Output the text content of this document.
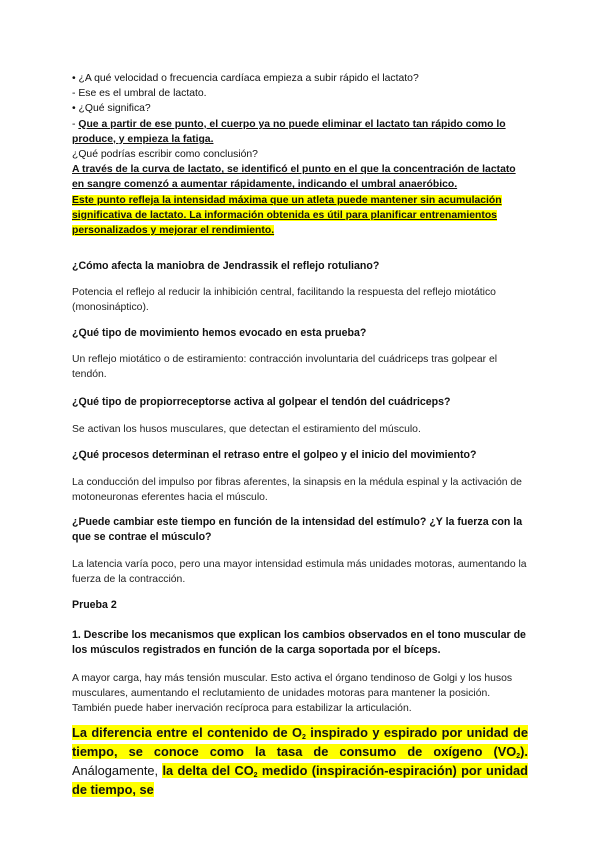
• ¿A qué velocidad o frecuencia cardíaca empieza a subir rápido el lactato?

- Ese es el umbral de lactato.

• ¿Qué significa?

- Que a partir de ese punto, el cuerpo ya no puede eliminar el lactato tan rápido como lo produce, y empieza la fatiga.

¿Qué podrías escribir como conclusión?

A través de la curva de lactato, se identificó el punto en el que la concentración de lactato en sangre comenzó a aumentar rápidamente, indicando el umbral anaeróbico.

Este punto refleja la intensidad máxima que un atleta puede mantener sin acumulación significativa de lactato. La información obtenida es útil para planificar entrenamientos personalizados y mejorar el rendimiento.

¿Cómo afecta la maniobra de Jendrassik el reflejo rotuliano?

Potencia el reflejo al reducir la inhibición central, facilitando la respuesta del reflejo miotático (monosináptico).

¿Qué tipo de movimiento hemos evocado en esta prueba?

Un reflejo miotático o de estiramiento: contracción involuntaria del cuádriceps tras golpear el tendón.

¿Qué tipo de propiorreceptorse activa al golpear el tendón del cuádriceps?

Se activan los husos musculares, que detectan el estiramiento del músculo.

¿Qué procesos determinan el retraso entre el golpeo y el inicio del movimiento?

La conducción del impulso por fibras aferentes, la sinapsis en la médula espinal y la activación de motoneuronas eferentes hacia el músculo.

¿Puede cambiar este tiempo en función de la intensidad del estímulo? ¿Y la fuerza con la que se contrae el músculo?

La latencia varía poco, pero una mayor intensidad estimula más unidades motoras, aumentando la fuerza de la contracción.

Prueba 2

1. Describe los mecanismos que explican los cambios observados en el tono muscular de los músculos registrados en función de la carga soportada por el bíceps.

A mayor carga, hay más tensión muscular. Esto activa el órgano tendinoso de Golgi y los husos musculares, aumentando el reclutamiento de unidades motoras para mantener la posición. También puede haber inervación recíproca para estabilizar la articulación.

La diferencia entre el contenido de $O_2$ inspirado y espirado por unidad de tiempo, se conoce como la tasa de consumo de oxígeno $(VO_2)$. Análogamente, la delta del $CO_2$ medido (inspiración-espiración) por unidad de tiempo, se
